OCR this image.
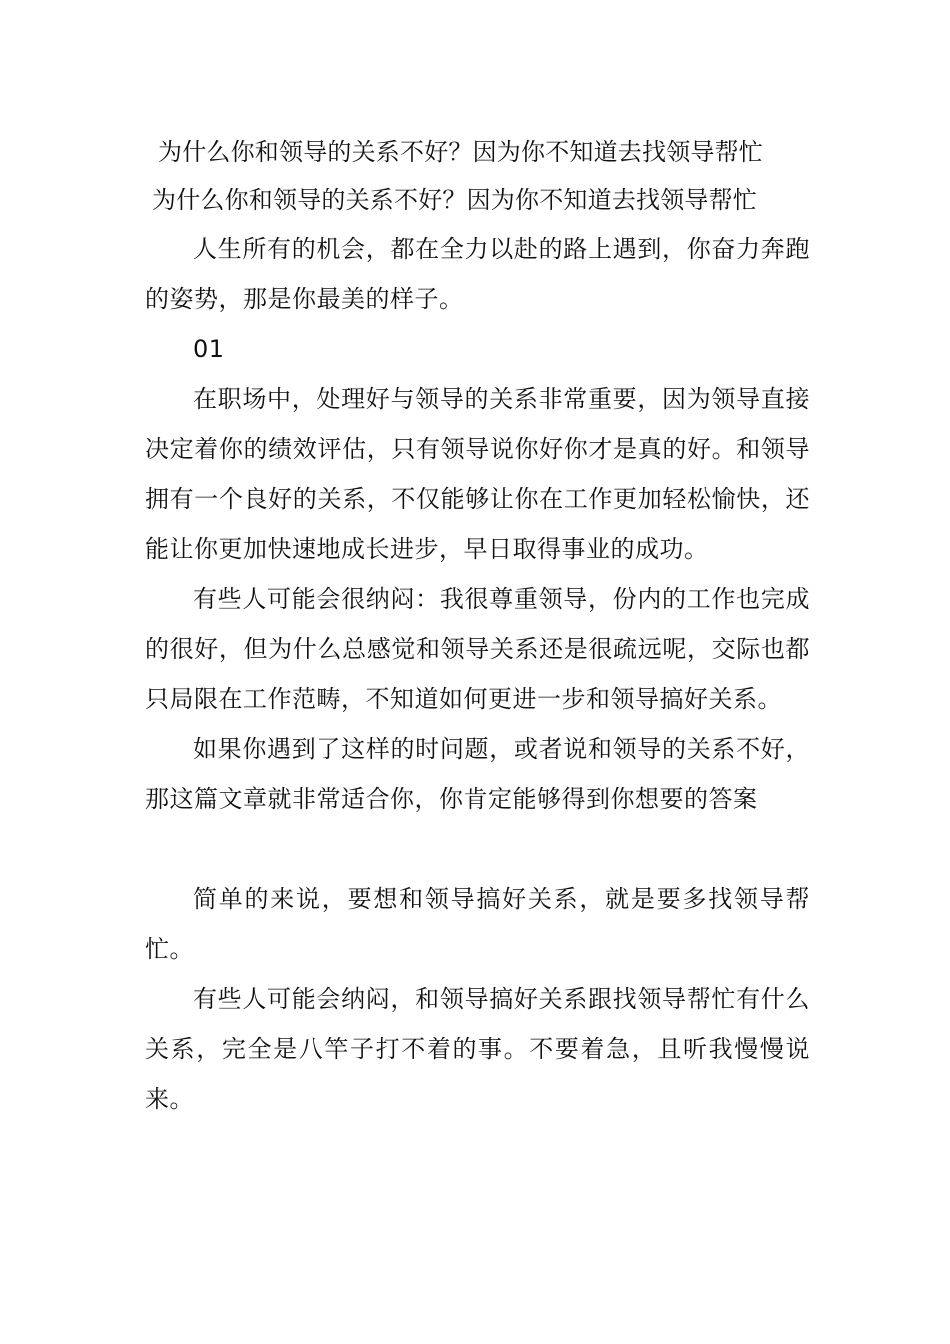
为什么你和领导的关系不好？因为你不知道去找领导帮忙
为什么你和领导的关系不好？因为你不知道去找领导帮忙

人生所有的机会，都在全力以赴的路上遇到，你奋力奔跑的姿势，那是你最美的样子。

01

在职场中，处理好与领导的关系非常重要，因为领导直接决定着你的绩效评估，只有领导说你好你才是真的好。和领导拥有一个良好的关系，不仅能够让你在工作更加轻松愉快，还能让你更加快速地成长进步，早日取得事业的成功。

有些人可能会很纳闷：我很尊重领导，份内的工作也完成的很好，但为什么总感觉和领导关系还是很疏远呢，交际也都只局限在工作范畴，不知道如何更进一步和领导搞好关系。

如果你遇到了这样的时问题，或者说和领导的关系不好，那这篇文章就非常适合你，你肯定能够得到你想要的答案

简单的来说，要想和领导搞好关系，就是要多找领导帮忙。

有些人可能会纳闷，和领导搞好关系跟找领导帮忙有什么关系，完全是八竿子打不着的事。不要着急，且听我慢慢说来。
